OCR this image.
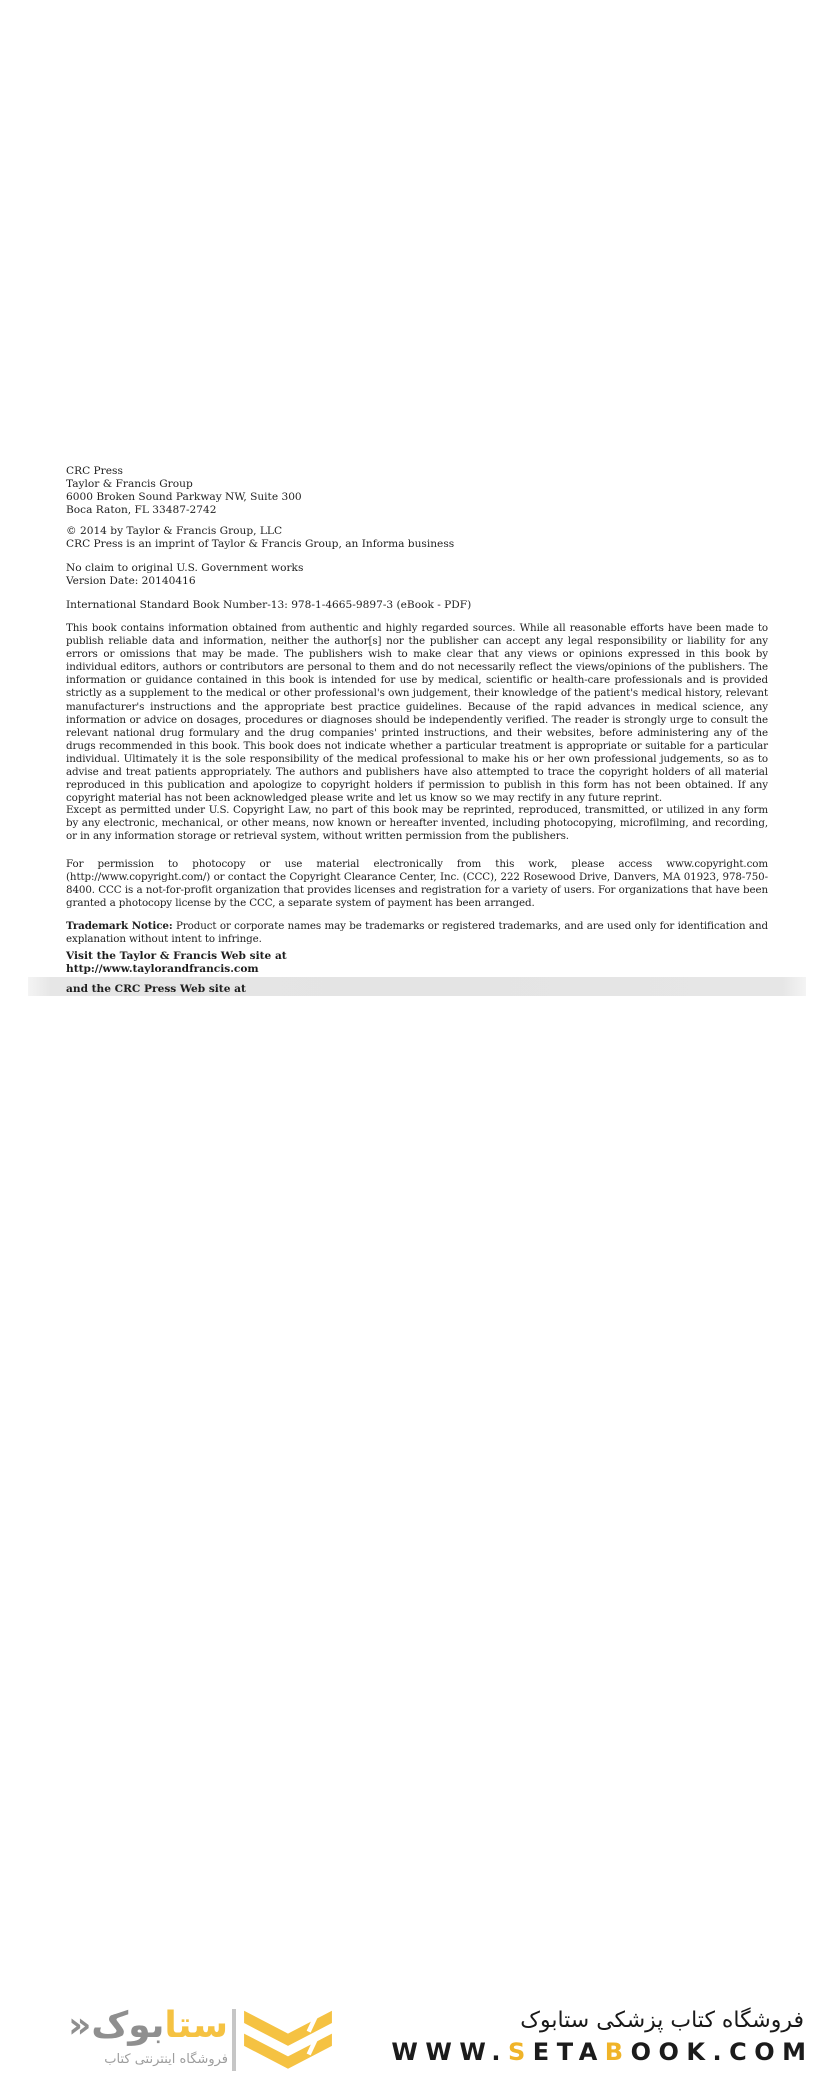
CRC Press
Taylor & Francis Group
6000 Broken Sound Parkway NW, Suite 300
Boca Raton, FL 33487-2742
© 2014 by Taylor & Francis Group, LLC
CRC Press is an imprint of Taylor & Francis Group, an Informa business
No claim to original U.S. Government works
Version Date: 20140416
International Standard Book Number-13: 978-1-4665-9897-3 (eBook - PDF)
This book contains information obtained from authentic and highly regarded sources. While all reasonable efforts have been made to publish reliable data and information, neither the author[s] nor the publisher can accept any legal responsibility or liability for any errors or omissions that may be made. The publishers wish to make clear that any views or opinions expressed in this book by individual editors, authors or contributors are personal to them and do not necessarily reflect the views/opinions of the publishers. The information or guidance contained in this book is intended for use by medical, scientific or health-care professionals and is provided strictly as a supplement to the medical or other professional's own judgement, their knowledge of the patient's medical history, relevant manufacturer's instructions and the appropriate best practice guidelines. Because of the rapid advances in medical science, any information or advice on dosages, procedures or diagnoses should be independently verified. The reader is strongly urge to consult the relevant national drug formulary and the drug companies' printed instructions, and their websites, before administering any of the drugs recommended in this book. This book does not indicate whether a particular treatment is appropriate or suitable for a particular individual. Ultimately it is the sole responsibility of the medical professional to make his or her own professional judgements, so as to advise and treat patients appropriately. The authors and publishers have also attempted to trace the copyright holders of all material reproduced in this publication and apologize to copyright holders if permission to publish in this form has not been obtained. If any copyright material has not been acknowledged please write and let us know so we may rectify in any future reprint.
Except as permitted under U.S. Copyright Law, no part of this book may be reprinted, reproduced, transmitted, or utilized in any form by any electronic, mechanical, or other means, now known or hereafter invented, including photocopying, microfilming, and recording, or in any information storage or retrieval system, without written permission from the publishers.
For permission to photocopy or use material electronically from this work, please access www.copyright.com (http://www.copyright.com/) or contact the Copyright Clearance Center, Inc. (CCC), 222 Rosewood Drive, Danvers, MA 01923, 978-750-8400. CCC is a not-for-profit organization that provides licenses and registration for a variety of users. For organizations that have been granted a photocopy license by the CCC, a separate system of payment has been arranged.
Trademark Notice: Product or corporate names may be trademarks or registered trademarks, and are used only for identification and explanation without intent to infringe.
Visit the Taylor & Francis Web site at
http://www.taylorandfrancis.com
and the CRC Press Web site at
ستابوک«
فروشگاه اینترنتی کتاب
فروشگاه کتاب پزشکی ستابوک
WWW.SETABOOK.COM
